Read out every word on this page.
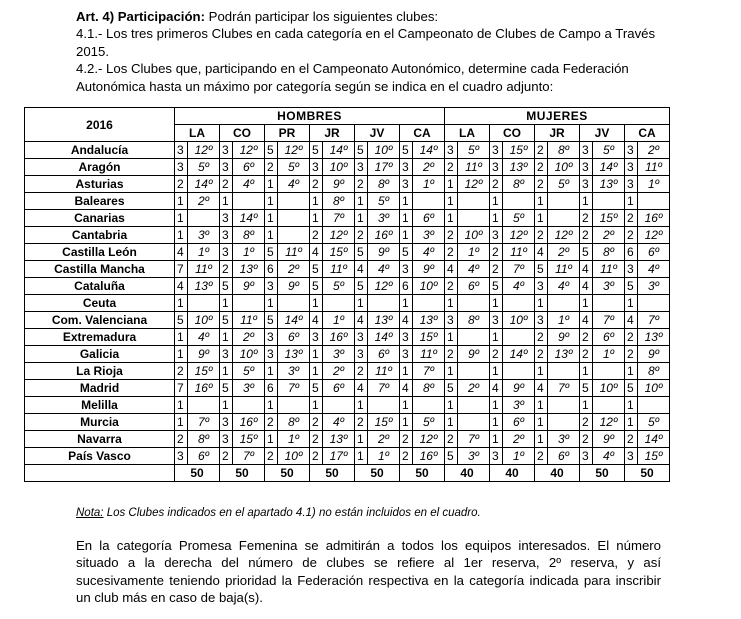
Art. 4) Participación: Podrán participar los siguientes clubes:

4.1.- Los tres primeros Clubes en cada categoría en el Campeonato de Clubes de Campo a Través 2015.

4.2.- Los Clubes que, participando en el Campeonato Autonómico, determine cada Federación Autonómica hasta un máximo por categoría según se indica en el cuadro adjunto:

2016	HOMBRES												MUJERES									
	LA		CO		PR		JR		JV		CA		LA		CO		JR		JV		CA	
Andalucía	3	12º	3	12º	5	12º	5	14º	5	10º	5	14º	3	5º	3	15º	2	8º	3	5º	3	2º
Aragón	3	5º	3	6º	2	5º	3	10º	3	17º	3	2º	2	11º	3	13º	2	10º	3	14º	3	11º
Asturias	2	14º	2	4º	1	4º	2	9º	2	8º	3	1º	1	12º	2	8º	2	5º	3	13º	3	1º
Baleares	1	2º	1		1		1	8º	1	5º	1		1		1		1		1		1	
Canarias	1		3	14º	1		1	7º	1	3º	1	6º	1		1	5º	1		2	15º	2	16º
Cantabria	1	3º	3	8º	1		2	12º	2	16º	1	3º	2	10º	3	12º	2	12º	2	2º	2	12º
Castilla León	4	1º	3	1º	5	11º	4	15º	5	9º	5	4º	2	1º	2	11º	4	2º	5	8º	6	6º
Castilla Mancha	7	11º	2	13º	6	2º	5	11º	4	4º	3	9º	4	4º	2	7º	5	11º	4	11º	3	4º
Cataluña	4	13º	5	9º	3	9º	5	5º	5	12º	6	10º	2	6º	5	4º	3	4º	4	3º	5	3º
Ceuta	1		1		1		1		1		1		1		1		1		1		1	
Com. Valenciana	5	10º	5	11º	5	14º	4	1º	4	13º	4	13º	3	8º	3	10º	3	1º	4	7º	4	7º
Extremadura	1	4º	1	2º	3	6º	3	16º	3	14º	3	15º	1		1		2	9º	2	6º	2	13º
Galicia	1	9º	3	10º	3	13º	1	3º	3	6º	3	11º	2	9º	2	14º	2	13º	2	1º	2	9º
La Rioja	2	15º	1	5º	1	3º	1	2º	2	11º	1	7º	1		1		1		1		1	8º
Madrid	7	16º	5	3º	6	7º	5	6º	4	7º	4	8º	5	2º	4	9º	4	7º	5	10º	5	10º
Melilla	1		1		1		1		1		1		1		1	3º	1		1		1	
Murcia	1	7º	3	16º	2	8º	2	4º	2	15º	1	5º	1		1	6º	1		2	12º	1	5º
Navarra	2	8º	3	15º	1	1º	2	13º	1	2º	2	12º	2	7º	1	2º	1	3º	2	9º	2	14º
País Vasco	3	6º	2	7º	2	10º	2	17º	1	1º	2	16º	5	3º	3	1º	2	6º	3	4º	3	15º
	50		50		50		50		50		50		40		40		40		50		50	
Nota: Los Clubes indicados en el apartado 4.1) no están incluidos en el cuadro.

En la categoría Promesa Femenina se admitirán a todos los equipos interesados. El número situado a la derecha del número de clubes se refiere al 1er reserva, 2º reserva, y así sucesivamente teniendo prioridad la Federación respectiva en la categoría indicada para inscribir un club más en caso de baja(s).
